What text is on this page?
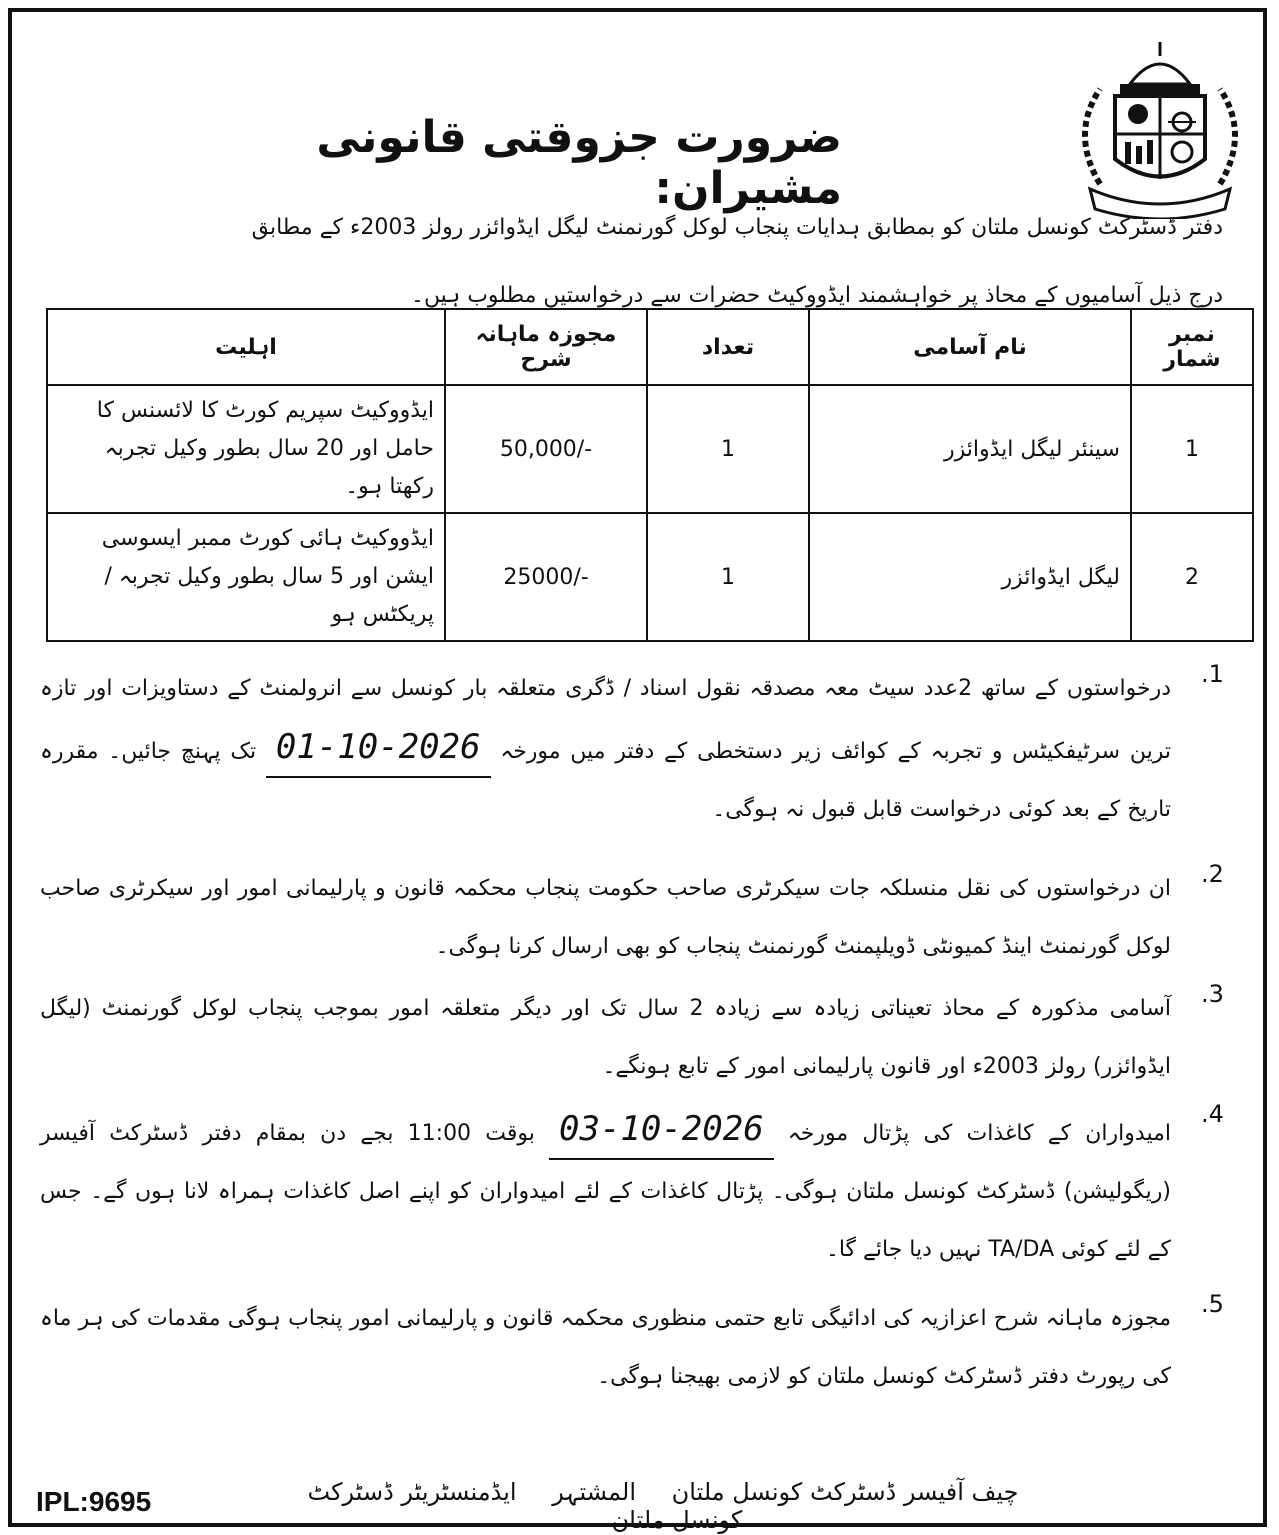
ضرورت جزوقتی قانونی مشیران:
دفتر ڈسٹرکٹ کونسل ملتان کو بمطابق ہدایات پنجاب لوکل گورنمنٹ لیگل ایڈوائزر رولز 2003ء کے مطابق
درج ذیل آسامیوں کے محاذ پر خواہشمند ایڈووکیٹ حضرات سے درخواستیں مطلوب ہیں۔
نمبر شمار	نام آسامی	تعداد	مجوزہ ماہانہ شرح	اہلیت
1	سینئر لیگل ایڈوائزر	1	50,000/-	ایڈووکیٹ سپریم کورٹ کا لائسنس کا حامل اور 20 سال بطور وکیل تجربہ رکھتا ہو۔
2	لیگل ایڈوائزر	1	25000/-	ایڈووکیٹ ہائی کورٹ ممبر ایسوسی ایشن اور 5 سال بطور وکیل تجربہ / پریکٹس ہو
.1
درخواستوں کے ساتھ 2عدد سیٹ معہ مصدقہ نقول اسناد / ڈگری متعلقہ بار کونسل سے انرولمنٹ کے دستاویزات اور تازہ ترین سرٹیفکیٹس و تجربہ کے کوائف زیر دستخطی کے دفتر میں مورخہ 01-10-2026 تک پہنچ جائیں۔ مقررہ تاریخ کے بعد کوئی درخواست قابل قبول نہ ہوگی۔
.2
ان درخواستوں کی نقل منسلکہ جات سیکرٹری صاحب حکومت پنجاب محکمہ قانون و پارلیمانی امور اور سیکرٹری صاحب لوکل گورنمنٹ اینڈ کمیونٹی ڈویلپمنٹ گورنمنٹ پنجاب کو بھی ارسال کرنا ہوگی۔
.3
آسامی مذکورہ کے محاذ تعیناتی زیادہ سے زیادہ 2 سال تک اور دیگر متعلقہ امور بموجب پنجاب لوکل گورنمنٹ (لیگل ایڈوائزر) رولز 2003ء اور قانون پارلیمانی امور کے تابع ہونگے۔
.4
امیدواران کے کاغذات کی پڑتال مورخہ 03-10-2026 بوقت 11:00 بجے دن بمقام دفتر ڈسٹرکٹ آفیسر (ریگولیشن) ڈسٹرکٹ کونسل ملتان ہوگی۔ پڑتال کاغذات کے لئے امیدواران کو اپنے اصل کاغذات ہمراہ لانا ہوں گے۔ جس کے لئے کوئی TA/DA نہیں دیا جائے گا۔
.5
مجوزہ ماہانہ شرح اعزازیہ کی ادائیگی تابع حتمی منظوری محکمہ قانون و پارلیمانی امور پنجاب ہوگی مقدمات کی ہر ماہ کی رپورٹ دفتر ڈسٹرکٹ کونسل ملتان کو لازمی بھیجنا ہوگی۔
چیف آفیسر ڈسٹرکٹ کونسل ملتان المشتہر ایڈمنسٹریٹر ڈسٹرکٹ کونسل ملتان
IPL:9695
